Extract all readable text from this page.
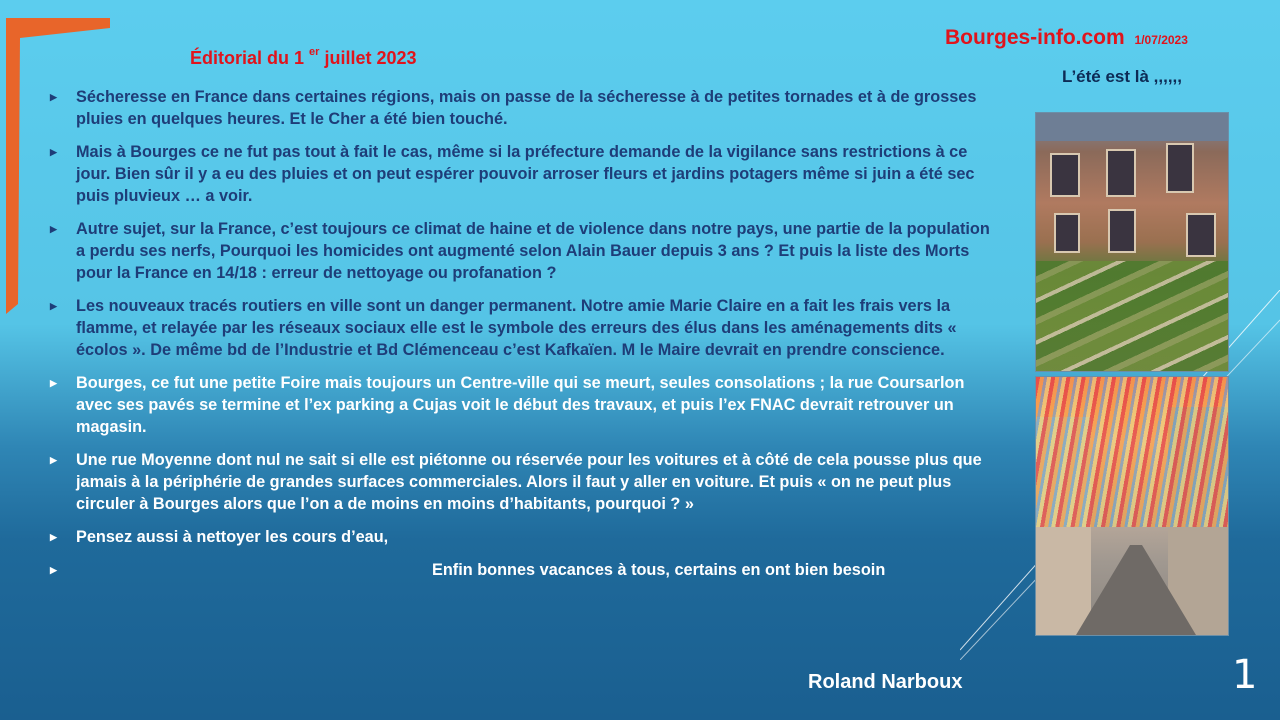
Bourges-info.com 1/07/2023
Éditorial du 1 $^{er}$ juillet 2023
L’été est là ,,,,,,
▶ Sécheresse en France dans certaines régions, mais on passe de la sécheresse à de petites tornades et à de grosses pluies en quelques heures. Et le Cher a été bien touché.
▶ Mais à Bourges ce ne fut pas tout à fait le cas, même si la préfecture demande de la vigilance sans restrictions à ce jour. Bien sûr il y a eu des pluies et on peut espérer pouvoir arroser fleurs et jardins potagers même si juin a été sec puis pluvieux … a voir.
▶ Autre sujet, sur la France, c’est toujours ce climat de haine et de violence dans notre pays, une partie de la population a perdu ses nerfs, Pourquoi les homicides ont augmenté selon Alain Bauer depuis 3 ans ? Et puis la liste des Morts pour la France en 14/18 : erreur de nettoyage ou profanation ?
▶ Les nouveaux tracés routiers en ville sont un danger permanent. Notre amie Marie Claire en a fait les frais vers la flamme, et relayée par les réseaux sociaux elle est le symbole des erreurs des élus dans les aménagements dits « écolos ». De même bd de l’Industrie et Bd Clémenceau c’est Kafkaïen. M le Maire devrait en prendre conscience.
▶ Bourges, ce fut une petite Foire mais toujours un Centre-ville qui se meurt, seules consolations ; la rue Coursarlon avec ses pavés se termine et l’ex parking a Cujas voit le début des travaux, et puis l’ex FNAC devrait retrouver un magasin.
▶ Une rue Moyenne dont nul ne sait si elle est piétonne ou réservée pour les voitures et à côté de cela pousse plus que jamais à la périphérie de grandes surfaces commerciales. Alors il faut y aller en voiture. Et puis « on ne peut plus circuler à Bourges alors que l’on a de moins en moins d’habitants, pourquoi ? »
▶ Pensez aussi à nettoyer les cours d’eau,
▶	Enfin bonnes vacances à tous, certains en ont bien besoin
Roland Narboux	1
